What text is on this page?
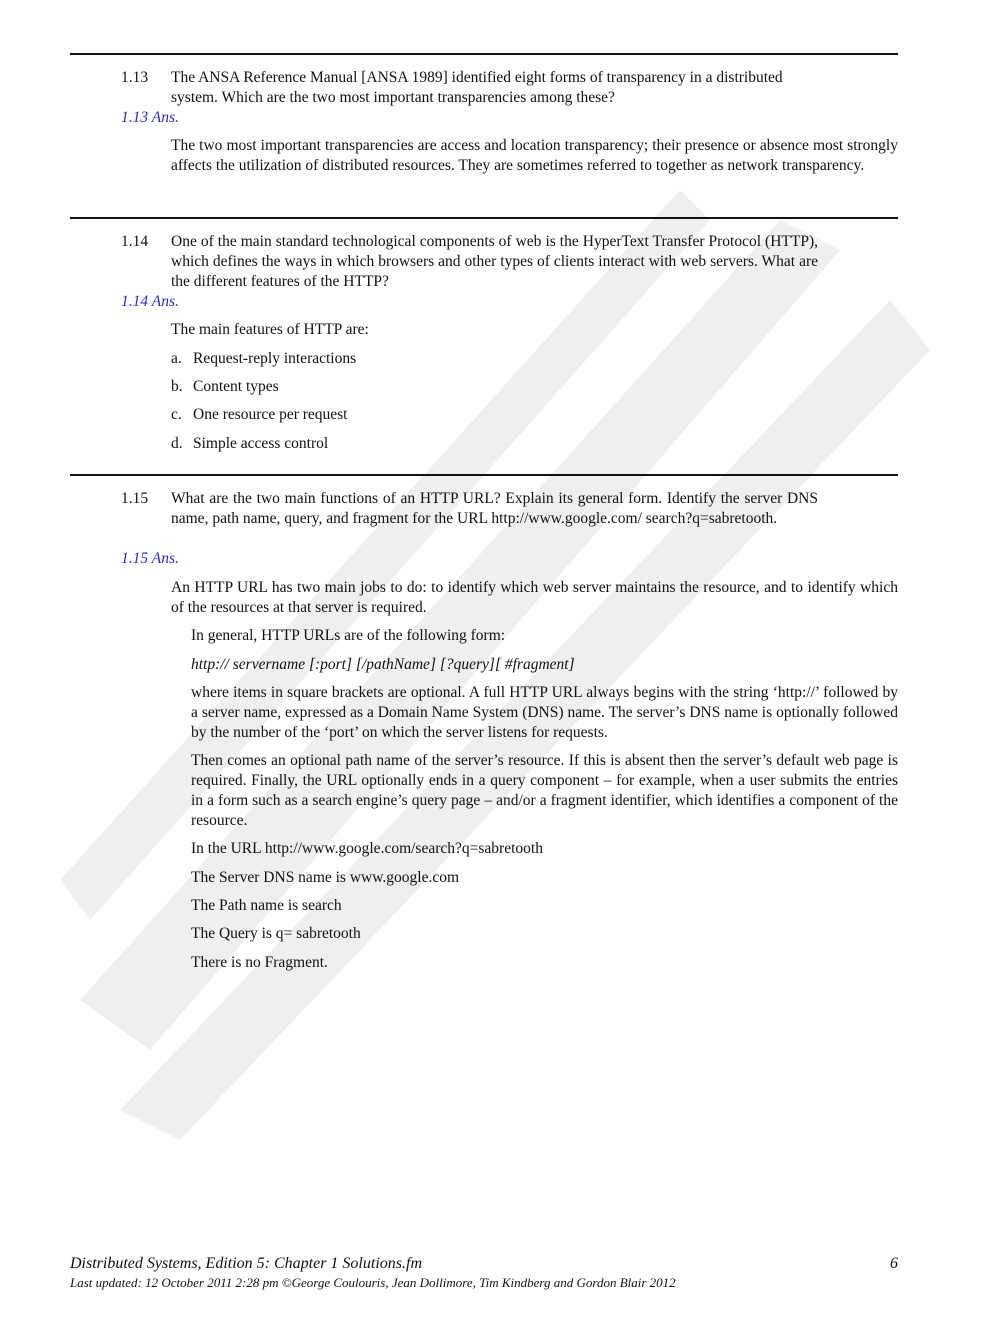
1.13 The ANSA Reference Manual [ANSA 1989] identified eight forms of transparency in a distributed
system. Which are the two most important transparencies among these?
1.13 Ans.
The two most important transparencies are access and location transparency; their presence or absence most strongly affects the utilization of distributed resources. They are sometimes referred to together as network transparency.
1.14 One of the main standard technological components of web is the HyperText Transfer Protocol (HTTP), which defines the ways in which browsers and other types of clients interact with web servers. What are the different features of the HTTP?
1.14 Ans.
The main features of HTTP are:
a. Request-reply interactions
b. Content types
c. One resource per request
d. Simple access control
1.15 What are the two main functions of an HTTP URL? Explain its general form. Identify the server DNS name, path name, query, and fragment for the URL http://www.google.com/ search?q=sabretooth.
1.15 Ans.
An HTTP URL has two main jobs to do: to identify which web server maintains the resource, and to identify which of the resources at that server is required.
In general, HTTP URLs are of the following form:
http:// servername [:port] [/pathName] [?query][ #fragment]
where items in square brackets are optional. A full HTTP URL always begins with the string ‘http://’ followed by a server name, expressed as a Domain Name System (DNS) name. The server’s DNS name is optionally followed by the number of the ‘port’ on which the server listens for requests.
Then comes an optional path name of the server’s resource. If this is absent then the server’s default web page is required. Finally, the URL optionally ends in a query component – for example, when a user submits the entries in a form such as a search engine’s query page – and/or a fragment identifier, which identifies a component of the resource.
In the URL http://www.google.com/search?q=sabretooth
The Server DNS name is www.google.com
The Path name is search
The Query is q= sabretooth
There is no Fragment.
Distributed Systems, Edition 5: Chapter 1 Solutions.fm	6
Last updated: 12 October 2011 2:28 pm ©George Coulouris, Jean Dollimore, Tim Kindberg and Gordon Blair 2012
